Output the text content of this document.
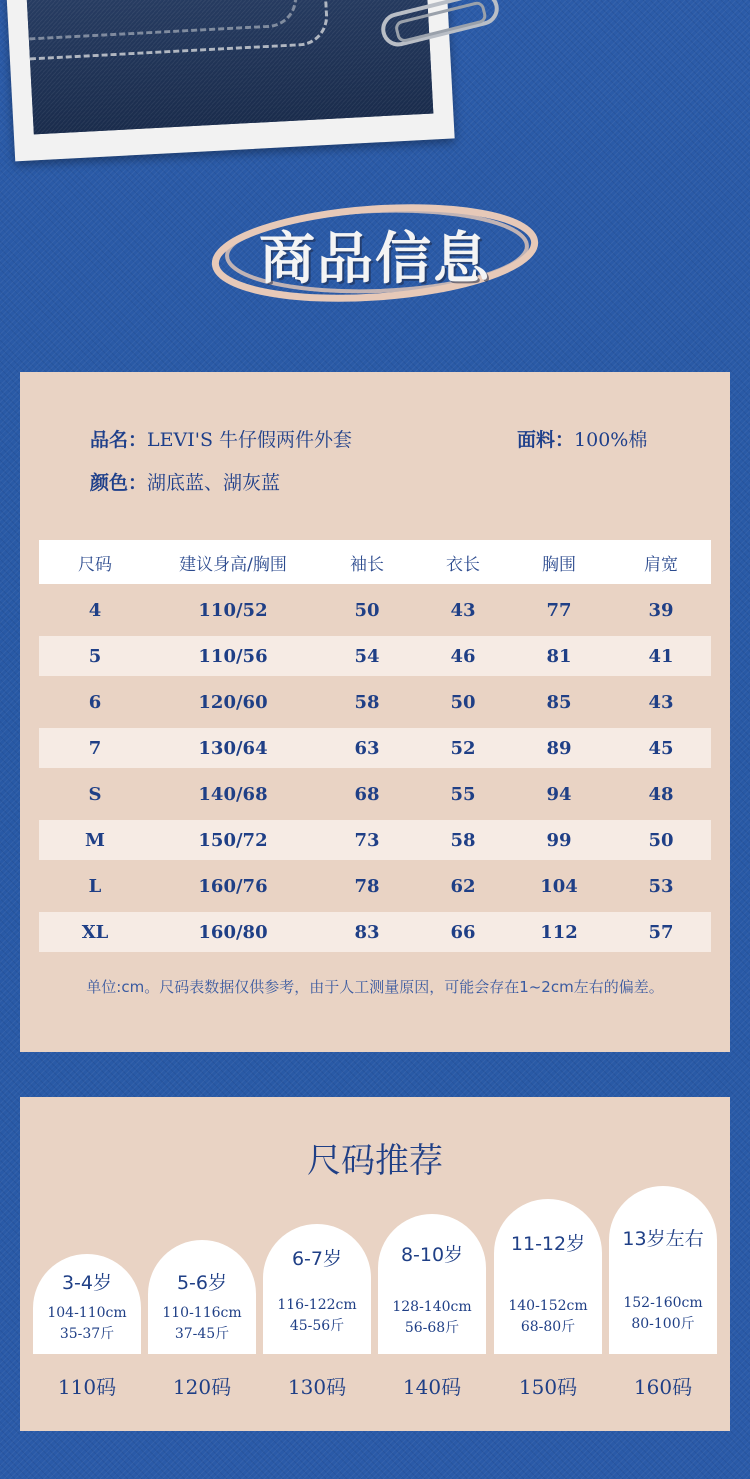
商品信息
品名：LEVI'S 牛仔假两件外套	面料：100%棉
颜色：湖底蓝、湖灰蓝
尺码	建议身高/胸围	袖长	衣长	胸围	肩宽
4	110/52	50	43	77	39
5	110/56	54	46	81	41
6	120/60	58	50	85	43
7	130/64	63	52	89	45
S	140/68	68	55	94	48
M	150/72	73	58	99	50
L	160/76	78	62	104	53
XL	160/80	83	66	112	57
单位:cm。尺码表数据仅供参考，由于人工测量原因，可能会存在1~2cm左右的偏差。
尺码推荐
3-4岁
104-110cm
35-37斤
5-6岁
110-116cm
37-45斤
6-7岁
116-122cm
45-56斤
8-10岁
128-140cm
56-68斤
11-12岁
140-152cm
68-80斤
13岁左右
152-160cm
80-100斤
110码	120码	130码	140码	150码	160码
